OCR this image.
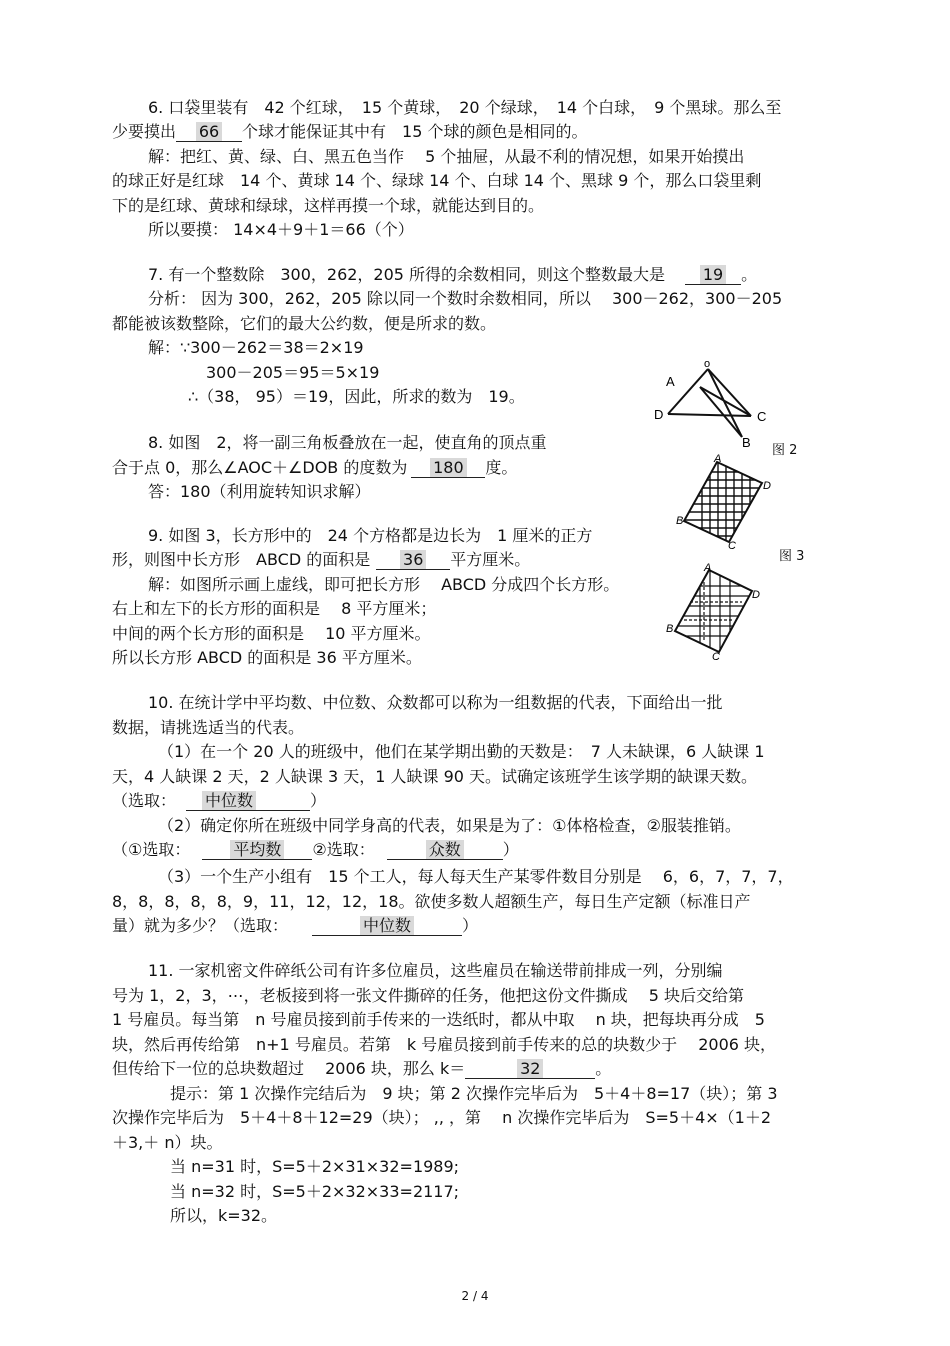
6. 口袋里装有　42 个红球，　15 个黄球，　20 个绿球，　14 个白球，　9 个黑球。那么至
少要摸出 66 个球才能保证其中有　15 个球的颜色是相同的。
解：把红、黄、绿、白、黑五色当作　 5 个抽屉，从最不利的情况想，如果开始摸出
的球正好是红球　14 个、黄球 14 个、绿球 14 个、白球 14 个、黑球 9 个，那么口袋里剩
下的是红球、黄球和绿球，这样再摸一个球，就能达到目的。
所以要摸： 14×4＋9＋1＝66（个）
7. 有一个整数除　300，262，205 所得的余数相同，则这个整数最大是 19 。
分析： 因为 300，262，205 除以同一个数时余数相同，所以　 300－262，300－205
都能被该数整除，它们的最大公约数，便是所求的数。
解：∵300－262＝38＝2×19
300－205＝95＝5×19
∴（38， 95）＝19，因此，所求的数为　19。
o
A
D	C
B
图 2
8. 如图　2，将一副三角板叠放在一起，使直角的顶点重
合于点 0，那么∠AOC＋∠DOB 的度数为 180 度。
答：180（利用旋转知识求解）
A
D
B
C
图 3
A
D
B
C
9. 如图 3，长方形中的　24 个方格都是边长为　1 厘米的正方
形，则图中长方形　ABCD 的面积是 36 平方厘米。
解：如图所示画上虚线，即可把长方形　 ABCD 分成四个长方形。
右上和左下的长方形的面积是　 8 平方厘米；
中间的两个长方形的面积是　 10 平方厘米。
所以长方形 ABCD 的面积是 36 平方厘米。
10. 在统计学中平均数、中位数、众数都可以称为一组数据的代表，下面给出一批
数据，请挑选适当的代表。
（1）在一个 20 人的班级中，他们在某学期出勤的天数是：　7 人未缺课，6 人缺课 1
天，4 人缺课 2 天，2 人缺课 3 天，1 人缺课 90 天。试确定该班学生该学期的缺课天数。
（选取： 中位数	）
（2）确定你所在班级中同学身高的代表，如果是为了：①体格检查，②服装推销。
（①选取：	平均数 ②选取：	众数	）
（3）一个生产小组有　15 个工人，每人每天生产某零件数目分别是　 6，6，7，7，7，
8，8，8，8，8，9，11，12，12，18。欲使多数人超额生产，每日生产定额（标准日产
量）就为多少？（选取：	中位数	）
11. 一家机密文件碎纸公司有许多位雇员，这些雇员在输送带前排成一列，分别编
号为 1，2，3，⋯，老板接到将一张文件撕碎的任务，他把这份文件撕成　 5 块后交给第
1 号雇员。每当第　n 号雇员接到前手传来的一迭纸时，都从中取　 n 块，把每块再分成　5
块，然后再传给第　n+1 号雇员。若第　k 号雇员接到前手传来的总的块数少于　 2006 块，
但传给下一位的总块数超过　 2006 块，那么 k＝	32	。
提示：第 1 次操作完结后为　9 块；第 2 次操作完毕后为　5＋4＋8=17（块）；第 3
次操作完毕后为　5＋4＋8＋12=29（块）； ,, ，第　 n 次操作完毕后为　S=5＋4×（1＋2
＋3,＋ n）块。
当 n=31 时，S=5＋2×31×32=1989;
当 n=32 时，S=5＋2×32×33=2117;
所以，k=32。
2 / 4
